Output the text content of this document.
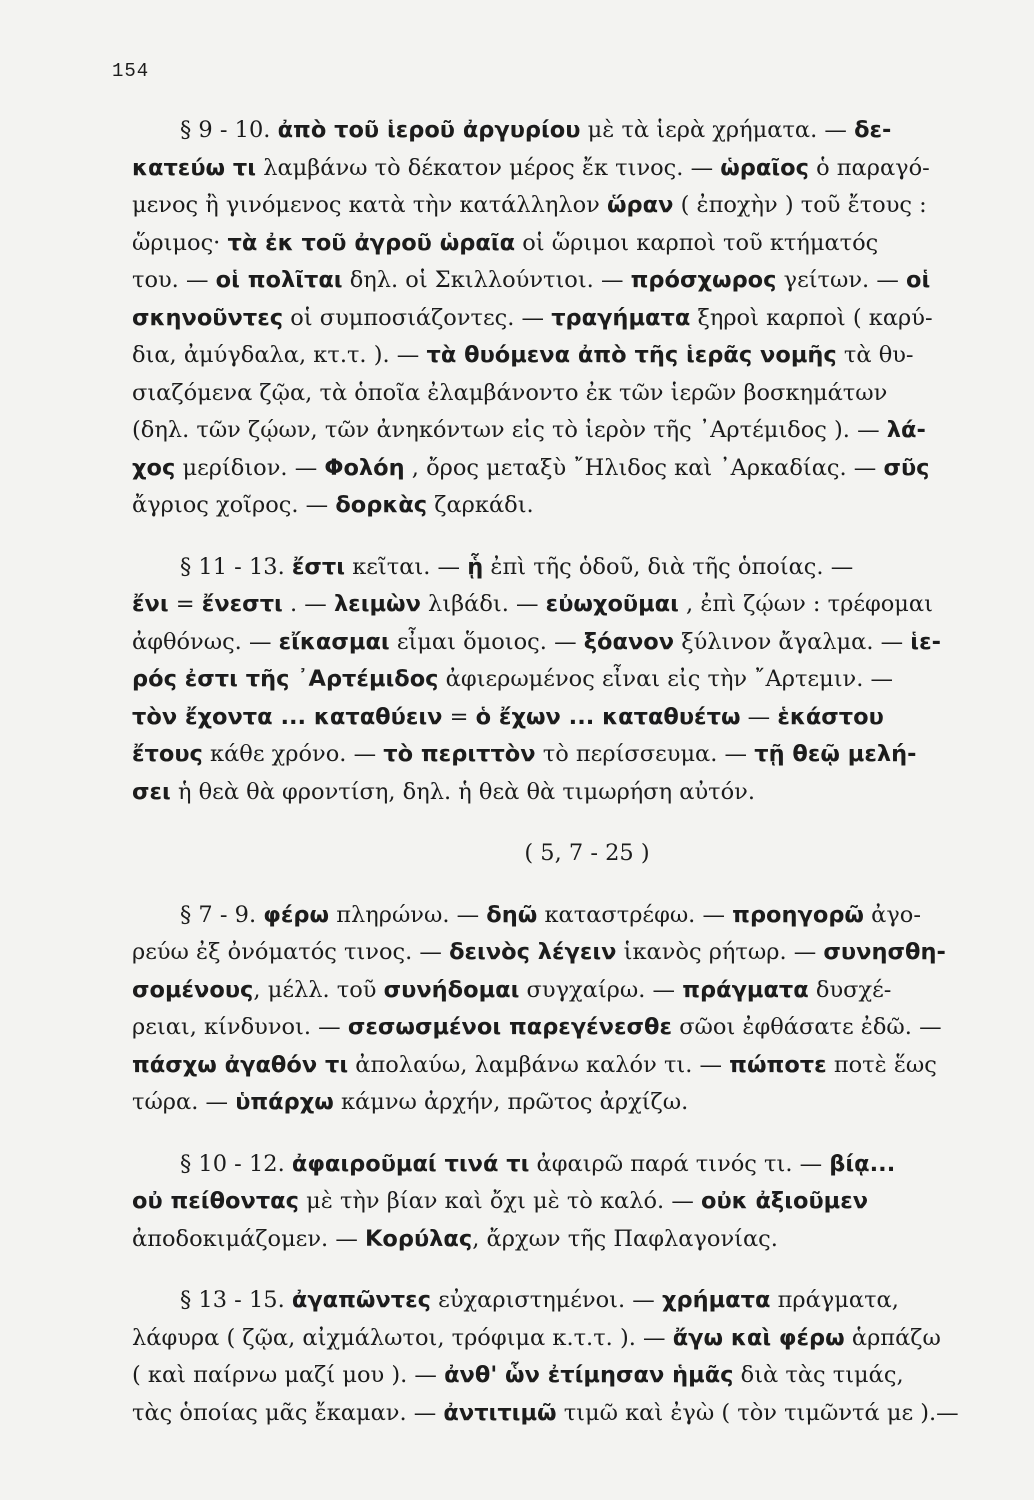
154
§ 9 - 10. ἀπὸ τοῦ ἱεροῦ ἀργυρίου μὲ τὰ ἱερὰ χρήματα. — δε-
κατεύω τι λαμβάνω τὸ δέκατον μέρος ἔκ τινος. — ὡραῖος ὁ παραγό-
μενος ἢ γινόμενος κατὰ τὴν κατάλληλον ὥραν ( ἐποχὴν ) τοῦ ἔτους :
ὥριμος· τὰ ἐκ τοῦ ἀγροῦ ὡραῖα οἱ ὥριμοι καρποὶ τοῦ κτήματός
του. — οἱ πολῖται δηλ. οἱ Σκιλλούντιοι. — πρόσχωρος γείτων. — οἱ
σκηνοῦντες οἱ συμποσιάζοντες. — τραγήματα ξηροὶ καρποὶ ( καρύ-
δια, ἀμύγδαλα, κτ.τ. ). — τὰ θυόμενα ἀπὸ τῆς ἱερᾶς νομῆς τὰ θυ-
σιαζόμενα ζῷα, τὰ ὁποῖα ἐλαμβάνοντο ἐκ τῶν ἱερῶν βοσκημάτων
(δηλ. τῶν ζῴων, τῶν ἀνηκόντων εἰς τὸ ἱερὸν τῆς ᾿Αρτέμιδος ). — λά-
χος μερίδιον. — Φολόη , ὄρος μεταξὺ ῎Ηλιδος καὶ ᾿Αρκαδίας. — σῦς
ἄγριος χοῖρος. — δορκὰς ζαρκάδι.
§ 11 - 13. ἔστι κεῖται. — ᾗ ἐπὶ τῆς ὁδοῦ, διὰ τῆς ὁποίας. —
ἔνι = ἔνεστι . — λειμὼν λιβάδι. — εὐωχοῦμαι , ἐπὶ ζῴων : τρέφομαι
ἀφθόνως. — εἴκασμαι εἶμαι ὅμοιος. — ξόανον ξύλινον ἄγαλμα. — ἱε-
ρός ἐστι τῆς ᾿Αρτέμιδος ἀφιερωμένος εἶναι εἰς τὴν ῎Αρτεμιν. —
τὸν ἔχοντα ... καταθύειν = ὁ ἔχων ... καταθυέτω — ἑκάστου
ἔτους κάθε χρόνο. — τὸ περιττὸν τὸ περίσσευμα. — τῇ θεῷ μελή-
σει ἡ θεὰ θὰ φροντίση, δηλ. ἡ θεὰ θὰ τιμωρήση αὐτόν.
( 5, 7 - 25 )
§ 7 - 9. φέρω πληρώνω. — δηῶ καταστρέφω. — προηγορῶ ἀγο-
ρεύω ἐξ ὀνόματός τινος. — δεινὸς λέγειν ἱκανὸς ρήτωρ. — συνησθη-
σομένους, μέλλ. τοῦ συνήδομαι συγχαίρω. — πράγματα δυσχέ-
ρειαι, κίνδυνοι. — σεσωσμένοι παρεγένεσθε σῶοι ἐφθάσατε ἐδῶ. —
πάσχω ἀγαθόν τι ἀπολαύω, λαμβάνω καλόν τι. — πώποτε ποτὲ ἕως
τώρα. — ὑπάρχω κάμνω ἀρχήν, πρῶτος ἀρχίζω.
§ 10 - 12. ἀφαιροῦμαί τινά τι ἀφαιρῶ παρά τινός τι. — βίᾳ...
οὐ πείθοντας μὲ τὴν βίαν καὶ ὄχι μὲ τὸ καλό. — οὐκ ἀξιοῦμεν
ἀποδοκιμάζομεν. — Κορύλας, ἄρχων τῆς Παφλαγονίας.
§ 13 - 15. ἀγαπῶντες εὐχαριστημένοι. — χρήματα πράγματα,
λάφυρα ( ζῷα, αἰχμάλωτοι, τρόφιμα κ.τ.τ. ). — ἄγω καὶ φέρω ἁρπάζω
( καὶ παίρνω μαζί μου ). — ἀνθ' ὧν ἐτίμησαν ἡμᾶς διὰ τὰς τιμάς,
τὰς ὁποίας μᾶς ἔκαμαν. — ἀντιτιμῶ τιμῶ καὶ ἐγὼ ( τὸν τιμῶντά με ).—
